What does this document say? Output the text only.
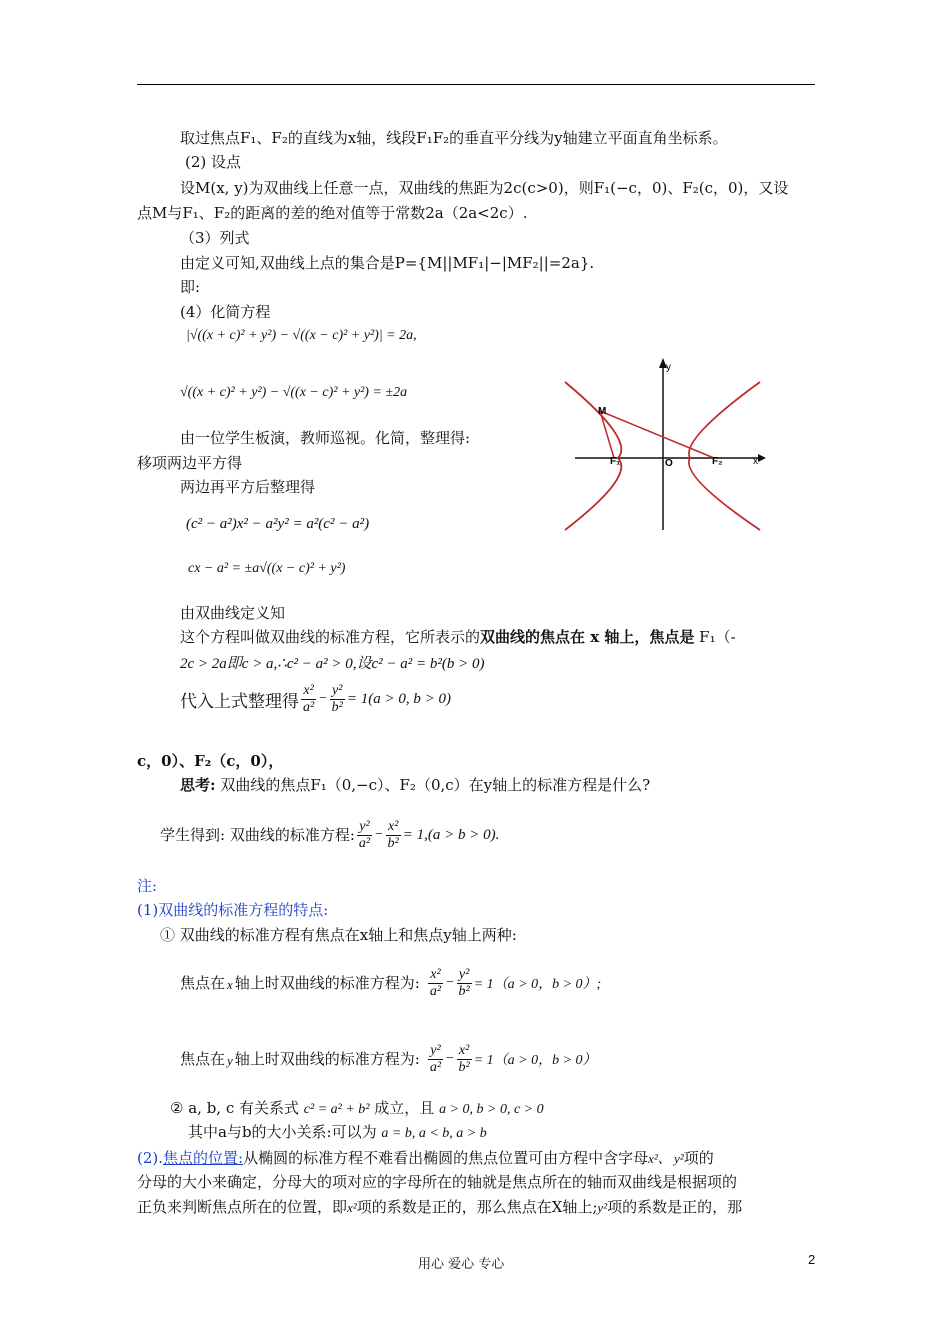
取过焦点F₁、F₂的直线为x轴，线段F₁F₂的垂直平分线为y轴建立平面直角坐标系。
(2) 设点
设M(x, y)为双曲线上任意一点，双曲线的焦距为2c(c>0)，则F₁(−c，0)、F₂(c，0)，又设
点M与F₁、F₂的距离的差的绝对值等于常数2a（2a<2c）.
（3）列式
由定义可知,双曲线上点的集合是P={M||MF₁|−|MF₂||=2a}.
即:
(4）化简方程
|√((x + c)² + y²) − √((x − c)² + y²)| = 2a,
√((x + c)² + y²) − √((x − c)² + y²) = ±2a
由一位学生板演，教师巡视。化简，整理得:
移项两边平方得
两边再平方后整理得
(c² − a²)x² − a²y² = a²(c² − a²)
cx − a² = ±a√((x − c)² + y²)
由双曲线定义知
这个方程叫做双曲线的标准方程，它所表示的双曲线的焦点在 x 轴上，焦点是 F₁（-
2c > 2a即c > a,∴c² − a² > 0,设c² − a² = b²(b > 0)
代入上式整理得 $\frac{\text{x²}}{\text{a²}} - \frac{\text{y²}}{\text{b²}} = 1(a > 0$, b > 0)
c，0）、F₂（c，0），
思考: 双曲线的焦点F₁（0,−c）、F₂（0,c）在y轴上的标准方程是什么?
学生得到: 双曲线的标准方程: $\frac{\text{y²}}{\text{a²}} - \frac{\text{x²}}{\text{b²}} = 1,(a > b > 0)$.
注:
(1)双曲线的标准方程的特点:
① 双曲线的标准方程有焦点在x轴上和焦点y轴上两种:
焦点在 x 轴上时双曲线的标准方程为: $\frac{\text{x²}}{\text{a²}} - \frac{\text{y²}}{\text{b²}} = 1(a > 0$，b > 0）;
焦点在 y 轴上时双曲线的标准方程为: $\frac{\text{y²}}{\text{a²}} - \frac{\text{x²}}{\text{b²}} = 1(a > 0$，b > 0）
② a, b, c 有关系式 c² = a² + b² 成立，且 a > 0, b > 0, c > 0
其中a与b的大小关系:可以为 a = b, a < b, a > b
(2).焦点的位置:从椭圆的标准方程不难看出椭圆的焦点位置可由方程中含字母x²、 y²项的
分母的大小来确定，分母大的项对应的字母所在的轴就是焦点所在的轴而双曲线是根据项的
正负来判断焦点所在的位置，即x²项的系数是正的，那么焦点在X轴上;y²项的系数是正的，那
y
x
O
M
F₁	F₂
用心 爱心 专心	2
